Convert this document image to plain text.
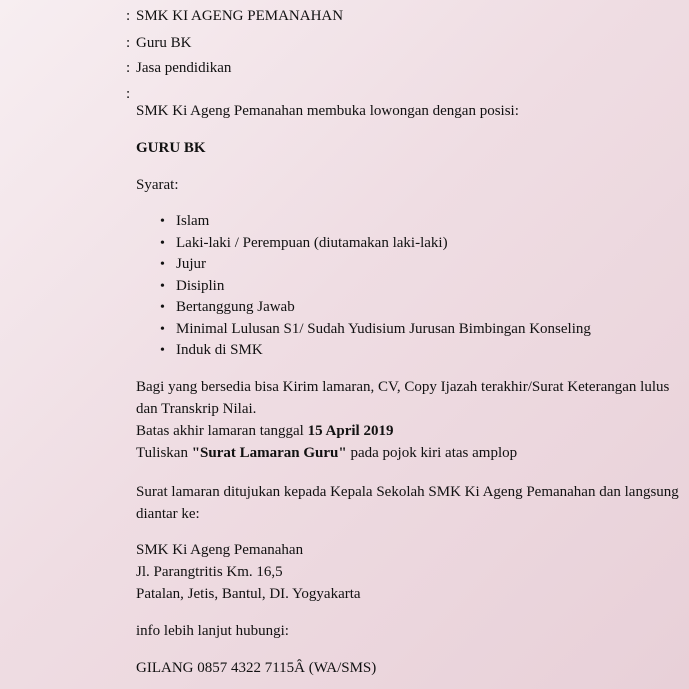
: SMK KI AGENG PEMANAHAN
: Guru BK
: Jasa pendidikan
:
SMK Ki Ageng Pemanahan membuka lowongan dengan posisi:
GURU BK
Syarat:
• Islam
• Laki-laki / Perempuan (diutamakan laki-laki)
• Jujur
• Disiplin
• Bertanggung Jawab
• Minimal Lulusan S1/ Sudah Yudisium Jurusan Bimbingan Konseling
• Induk di SMK

Bagi yang bersedia bisa Kirim lamaran, CV, Copy Ijazah terakhir/Surat Keterangan lulus dan Transkrip Nilai.

Batas akhir lamaran tanggal 15 April 2019

Tuliskan "Surat Lamaran Guru" pada pojok kiri atas amplop

Surat lamaran ditujukan kepada Kepala Sekolah SMK Ki Ageng Pemanahan dan langsung diantar ke:

SMK Ki Ageng Pemanahan

Jl. Parangtritis Km. 16,5

Patalan, Jetis, Bantul, DI. Yogyakarta

info lebih lanjut hubungi:
GILANG 0857 4322 7115Â (WA/SMS)
